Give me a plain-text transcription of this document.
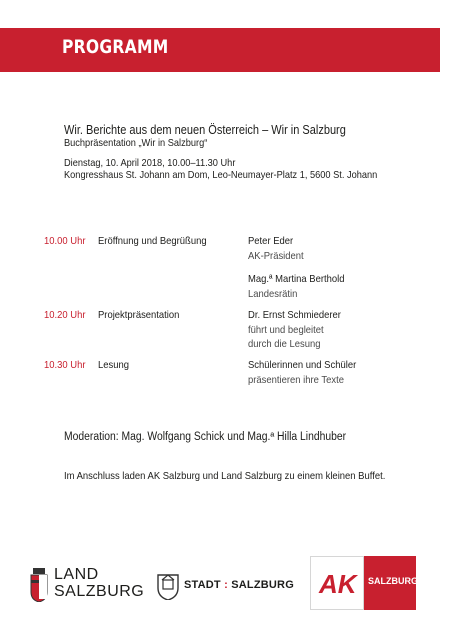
PROGRAMM
Wir. Berichte aus dem neuen Österreich – Wir in Salzburg
Buchpräsentation „Wir in Salzburg“
Dienstag, 10. April 2018, 10.00–11.30 Uhr
Kongresshaus St. Johann am Dom, Leo-Neumayer-Platz 1, 5600 St. Johann
10.00 Uhr Eröffnung und Begrüßung	Peter Eder
AK-Präsident
Mag.ª Martina Berthold
Landesrätin
10.20 Uhr Projektpräsentation	Dr. Ernst Schmiederer
führt und begleitet
durch die Lesung
10.30 Uhr Lesung	Schülerinnen und Schüler
präsentieren ihre Texte
Moderation: Mag. Wolfgang Schick und Mag.ª Hilla Lindhuber
Im Anschluss laden AK Salzburg und Land Salzburg zu einem kleinen Buffet.
LAND
SALZBURG	STADT : SALZBURG AK SALZBURG
